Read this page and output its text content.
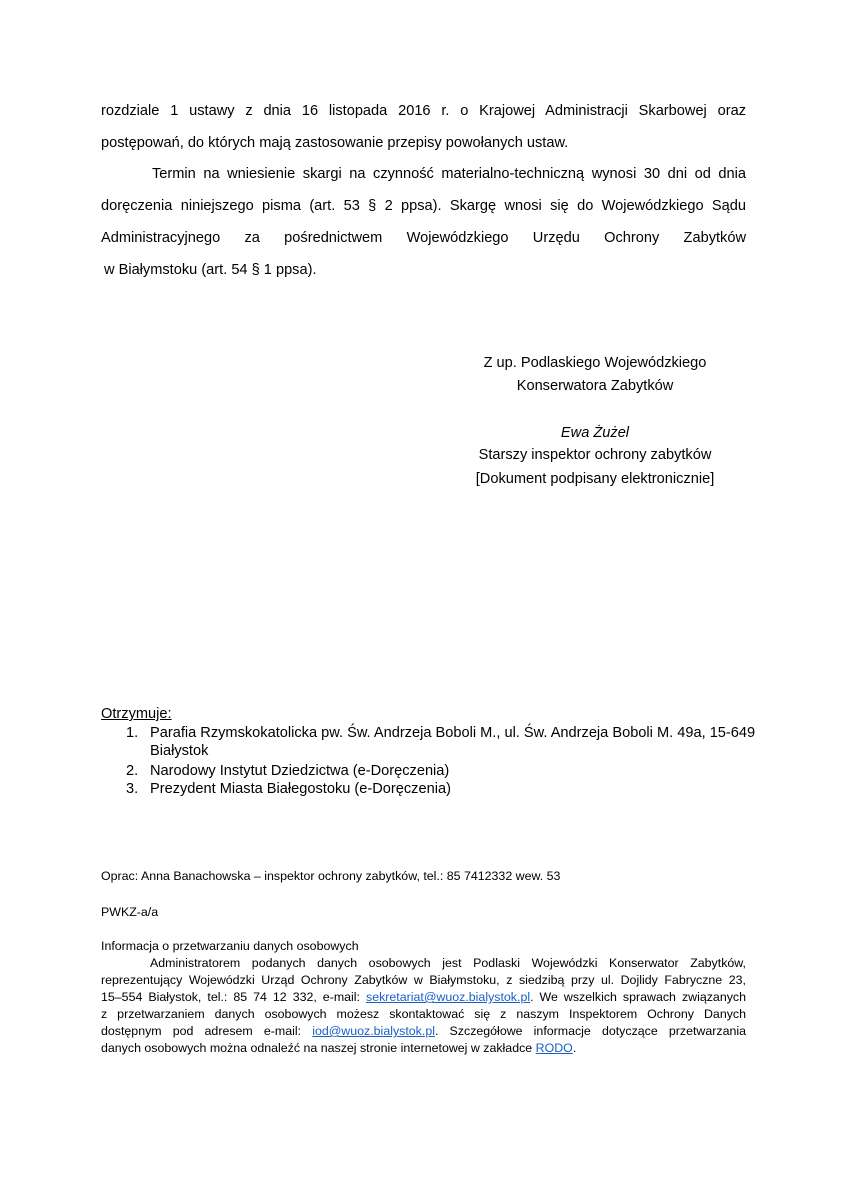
rozdziale 1 ustawy z dnia 16 listopada 2016 r. o Krajowej Administracji Skarbowej oraz
postępowań, do których mają zastosowanie przepisy powołanych ustaw.
Termin na wniesienie skargi na czynność materialno-techniczną wynosi 30 dni od dnia
doręczenia niniejszego pisma (art. 53 § 2 ppsa). Skargę wnosi się do Wojewódzkiego Sądu
Administracyjnego za pośrednictwem Wojewódzkiego Urzędu Ochrony Zabytków
w Białymstoku (art. 54 § 1 ppsa).
Z up. Podlaskiego Wojewódzkiego
Konserwatora Zabytków
Ewa Żużel
Starszy inspektor ochrony zabytków
[Dokument podpisany elektronicznie]
Otrzymuje:
1. Parafia Rzymskokatolicka pw. Św. Andrzeja Boboli M., ul. Św. Andrzeja Boboli M. 49a, 15-649
Białystok
2. Narodowy Instytut Dziedzictwa (e-Doręczenia)
3. Prezydent Miasta Białegostoku (e-Doręczenia)
Oprac: Anna Banachowska – inspektor ochrony zabytków, tel.: 85 7412332 wew. 53
PWKZ-a/a
Informacja o przetwarzaniu danych osobowych
Administratorem podanych danych osobowych jest Podlaski Wojewódzki Konserwator Zabytków,
reprezentujący Wojewódzki Urząd Ochrony Zabytków w Białymstoku, z siedzibą przy ul. Dojlidy Fabryczne 23,
15–554 Białystok, tel.: 85 74 12 332, e-mail: sekretariat@wuoz.bialystok.pl. We wszelkich sprawach związanych
z przetwarzaniem danych osobowych możesz skontaktować się z naszym Inspektorem Ochrony Danych
dostępnym pod adresem e-mail: iod@wuoz.bialystok.pl. Szczegółowe informacje dotyczące przetwarzania
danych osobowych można odnaleźć na naszej stronie internetowej w zakładce RODO.
